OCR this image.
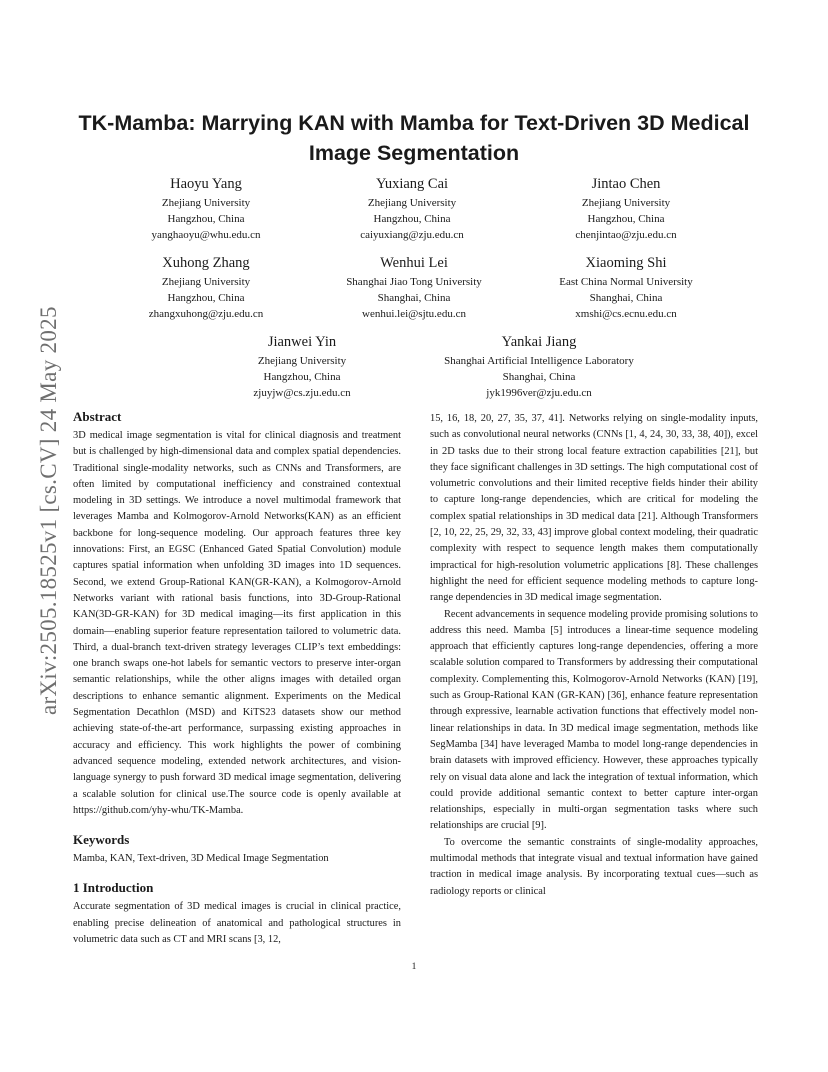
arXiv:2505.18525v1 [cs.CV] 24 May 2025
TK-Mamba: Marrying KAN with Mamba for Text-Driven 3D Medical Image Segmentation
Haoyu Yang
Zhejiang University
Hangzhou, China
yanghaoyu@whu.edu.cn
Yuxiang Cai
Zhejiang University
Hangzhou, China
caiyuxiang@zju.edu.cn
Jintao Chen
Zhejiang University
Hangzhou, China
chenjintao@zju.edu.cn
Xuhong Zhang
Zhejiang University
Hangzhou, China
zhangxuhong@zju.edu.cn
Wenhui Lei
Shanghai Jiao Tong University
Shanghai, China
wenhui.lei@sjtu.edu.cn
Xiaoming Shi
East China Normal University
Shanghai, China
xmshi@cs.ecnu.edu.cn
Jianwei Yin
Zhejiang University
Hangzhou, China
zjuyjw@cs.zju.edu.cn
Yankai Jiang
Shanghai Artificial Intelligence Laboratory
Shanghai, China
jyk1996ver@zju.edu.cn
Abstract

3D medical image segmentation is vital for clinical diagnosis and treatment but is challenged by high-dimensional data and complex spatial dependencies. Traditional single-modality networks, such as CNNs and Transformers, are often limited by computational inefficiency and constrained contextual modeling in 3D settings. We introduce a novel multimodal framework that leverages Mamba and Kolmogorov-Arnold Networks(KAN) as an efficient backbone for long-sequence modeling. Our approach features three key innovations: First, an EGSC (Enhanced Gated Spatial Convolution) module captures spatial information when unfolding 3D images into 1D sequences. Second, we extend Group-Rational KAN(GR-KAN), a Kolmogorov-Arnold Networks variant with rational basis functions, into 3D-Group-Rational KAN(3D-GR-KAN) for 3D medical imaging—its first application in this domain—enabling superior feature representation tailored to volumetric data. Third, a dual-branch text-driven strategy leverages CLIP’s text embeddings: one branch swaps one-hot labels for semantic vectors to preserve inter-organ semantic relationships, while the other aligns images with detailed organ descriptions to enhance semantic alignment. Experiments on the Medical Segmentation Decathlon (MSD) and KiTS23 datasets show our method achieving state-of-the-art performance, surpassing existing approaches in accuracy and efficiency. This work highlights the power of combining advanced sequence modeling, extended network architectures, and vision-language synergy to push forward 3D medical image segmentation, delivering a scalable solution for clinical use.The source code is openly available at https://github.com/yhy-whu/TK-Mamba.

Keywords

Mamba, KAN, Text-driven, 3D Medical Image Segmentation

1 Introduction

Accurate segmentation of 3D medical images is crucial in clinical practice, enabling precise delineation of anatomical and pathological structures in volumetric data such as CT and MRI scans [3, 12,

15, 16, 18, 20, 27, 35, 37, 41]. Networks relying on single-modality inputs, such as convolutional neural networks (CNNs [1, 4, 24, 30, 33, 38, 40]), excel in 2D tasks due to their strong local feature extraction capabilities [21], but they face significant challenges in 3D settings. The high computational cost of volumetric convolutions and their limited receptive fields hinder their ability to capture long-range dependencies, which are critical for modeling the complex spatial relationships in 3D medical data [21]. Although Transformers [2, 10, 22, 25, 29, 32, 33, 43] improve global context modeling, their quadratic complexity with respect to sequence length makes them computationally impractical for high-resolution volumetric applications [8]. These challenges highlight the need for efficient sequence modeling methods to capture long-range dependencies in 3D medical image segmentation.

Recent advancements in sequence modeling provide promising solutions to address this need. Mamba [5] introduces a linear-time sequence modeling approach that efficiently captures long-range dependencies, offering a more scalable solution compared to Transformers by addressing their computational complexity. Complementing this, Kolmogorov-Arnold Networks (KAN) [19], such as Group-Rational KAN (GR-KAN) [36], enhance feature representation through expressive, learnable activation functions that effectively model non-linear relationships in data. In 3D medical image segmentation, methods like SegMamba [34] have leveraged Mamba to model long-range dependencies in brain datasets with improved efficiency. However, these approaches typically rely on visual data alone and lack the integration of textual information, which could provide additional semantic context to better capture inter-organ relationships, especially in multi-organ segmentation tasks where such relationships are crucial [9].

To overcome the semantic constraints of single-modality approaches, multimodal methods that integrate visual and textual information have gained traction in medical image analysis. By incorporating textual cues—such as radiology reports or clinical

1
